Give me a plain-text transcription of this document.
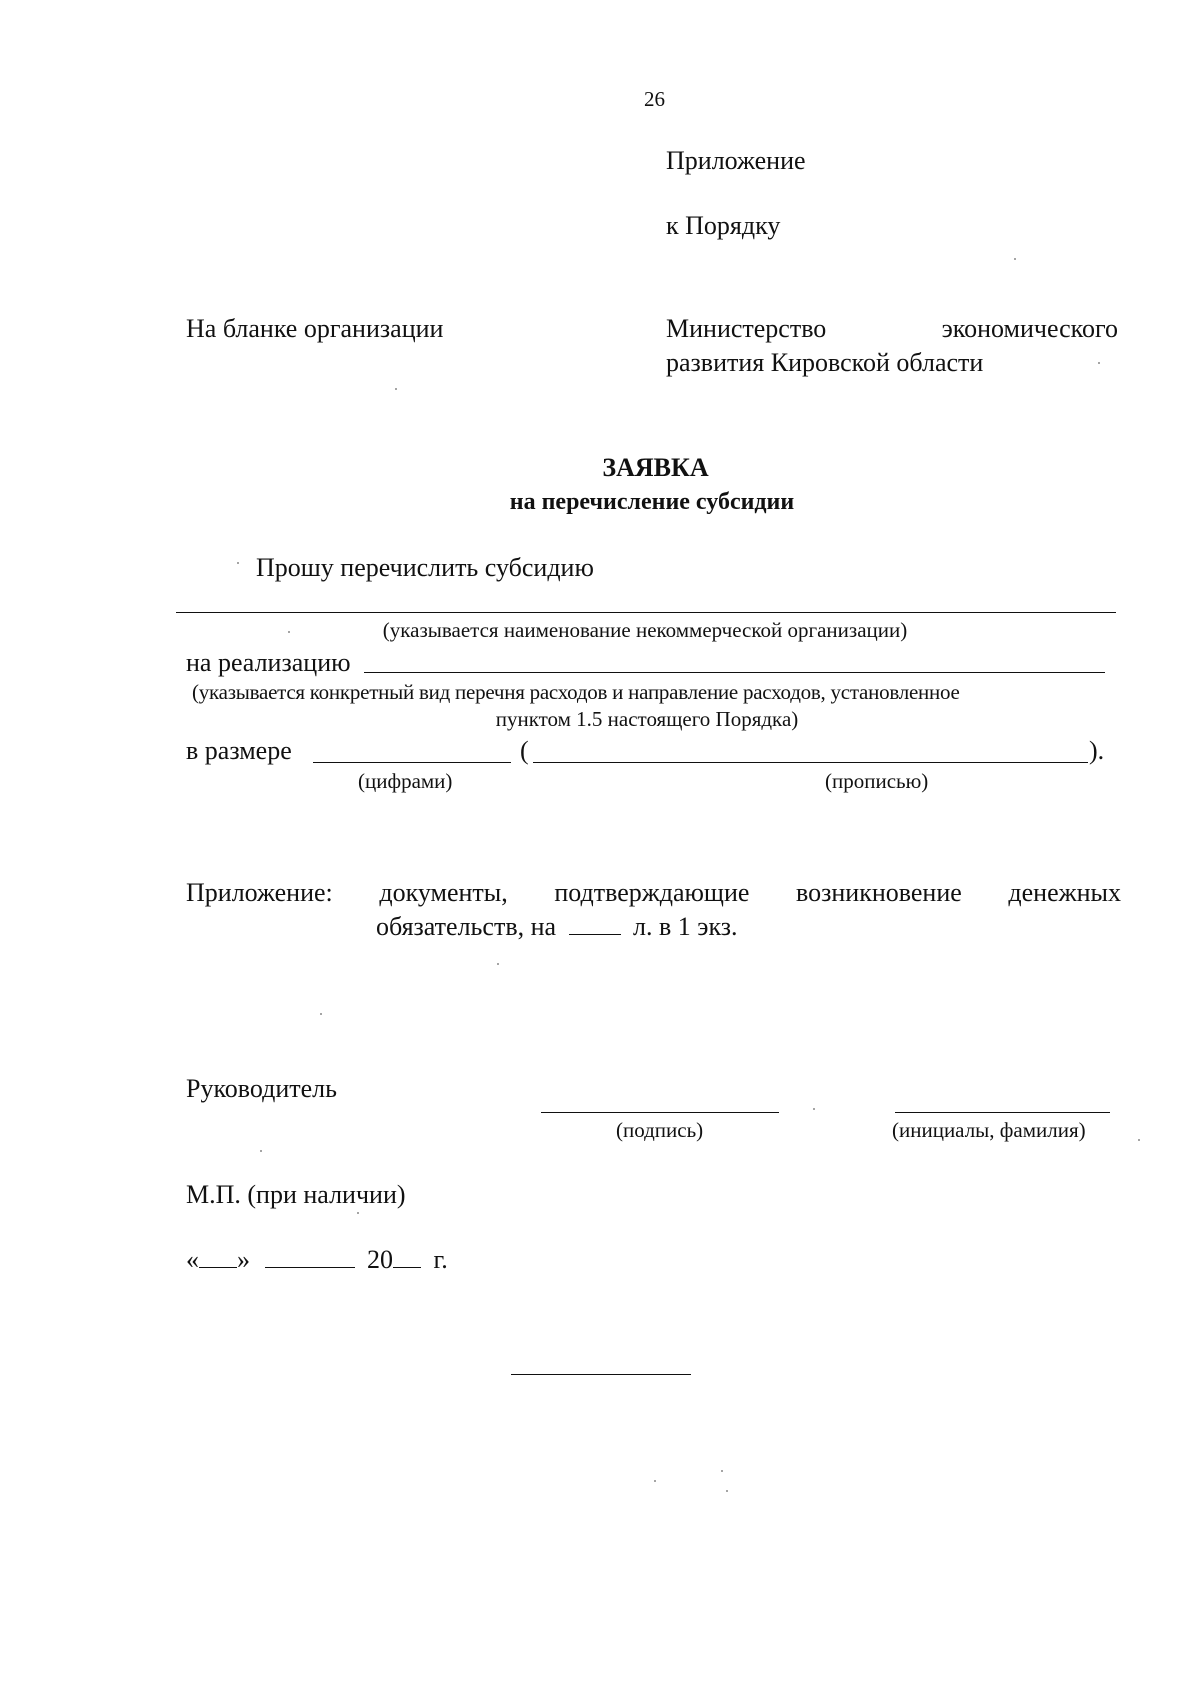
26
Приложение
к Порядку
На бланке организации	Министерство	экономического
развития Кировской области
ЗАЯВКА
на перечисление субсидии
Прошу перечислить субсидию
(указывается наименование некоммерческой организации)
на реализацию
(указывается конкретный вид перечня расходов и направление расходов, установленное
пунктом 1.5 настоящего Порядка)
в размере	(	).
(цифрами)	(прописью)
Приложение: документы, подтверждающие возникновение денежных
обязательств, на	л. в 1 экз.
Руководитель
(подпись)	(инициалы, фамилия)
М.П. (при наличии)
« »	20 г.
